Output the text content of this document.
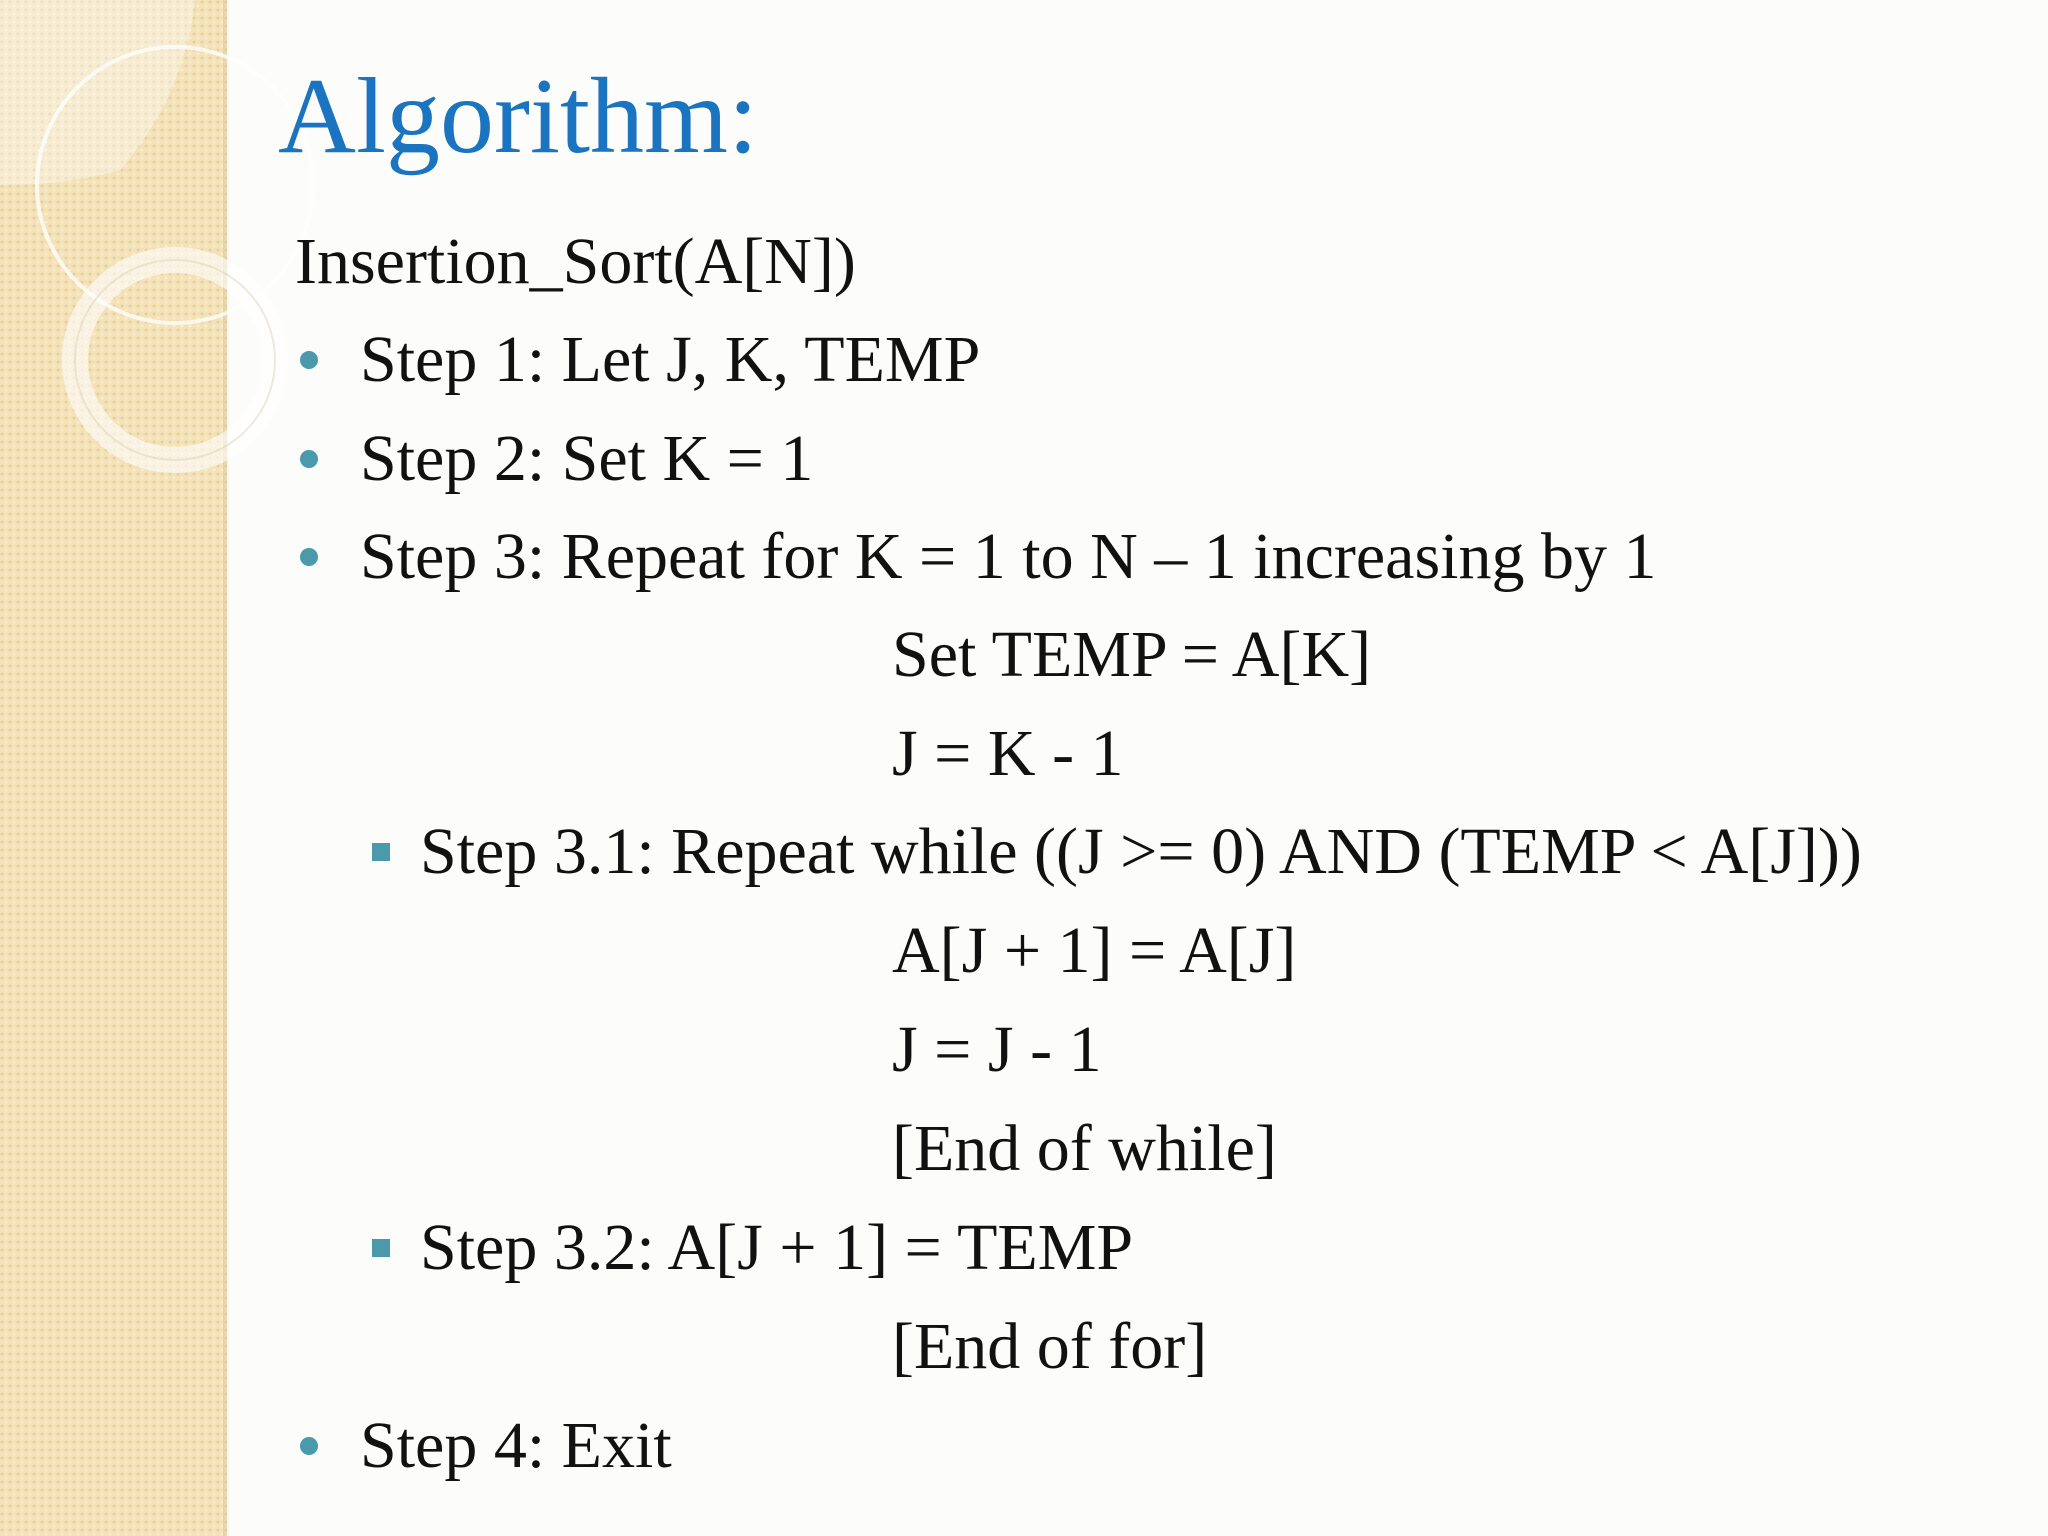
Algorithm:
Insertion_Sort(A[N])
Step 1: Let J, K, TEMP
Step 2: Set K = 1
Step 3: Repeat for K = 1 to N – 1 increasing by 1
Set TEMP = A[K]
J = K - 1
Step 3.1: Repeat while ((J >= 0) AND (TEMP < A[J]))
A[J + 1] = A[J]
J = J - 1
[End of while]
Step 3.2: A[J + 1] = TEMP
[End of for]
Step 4: Exit
